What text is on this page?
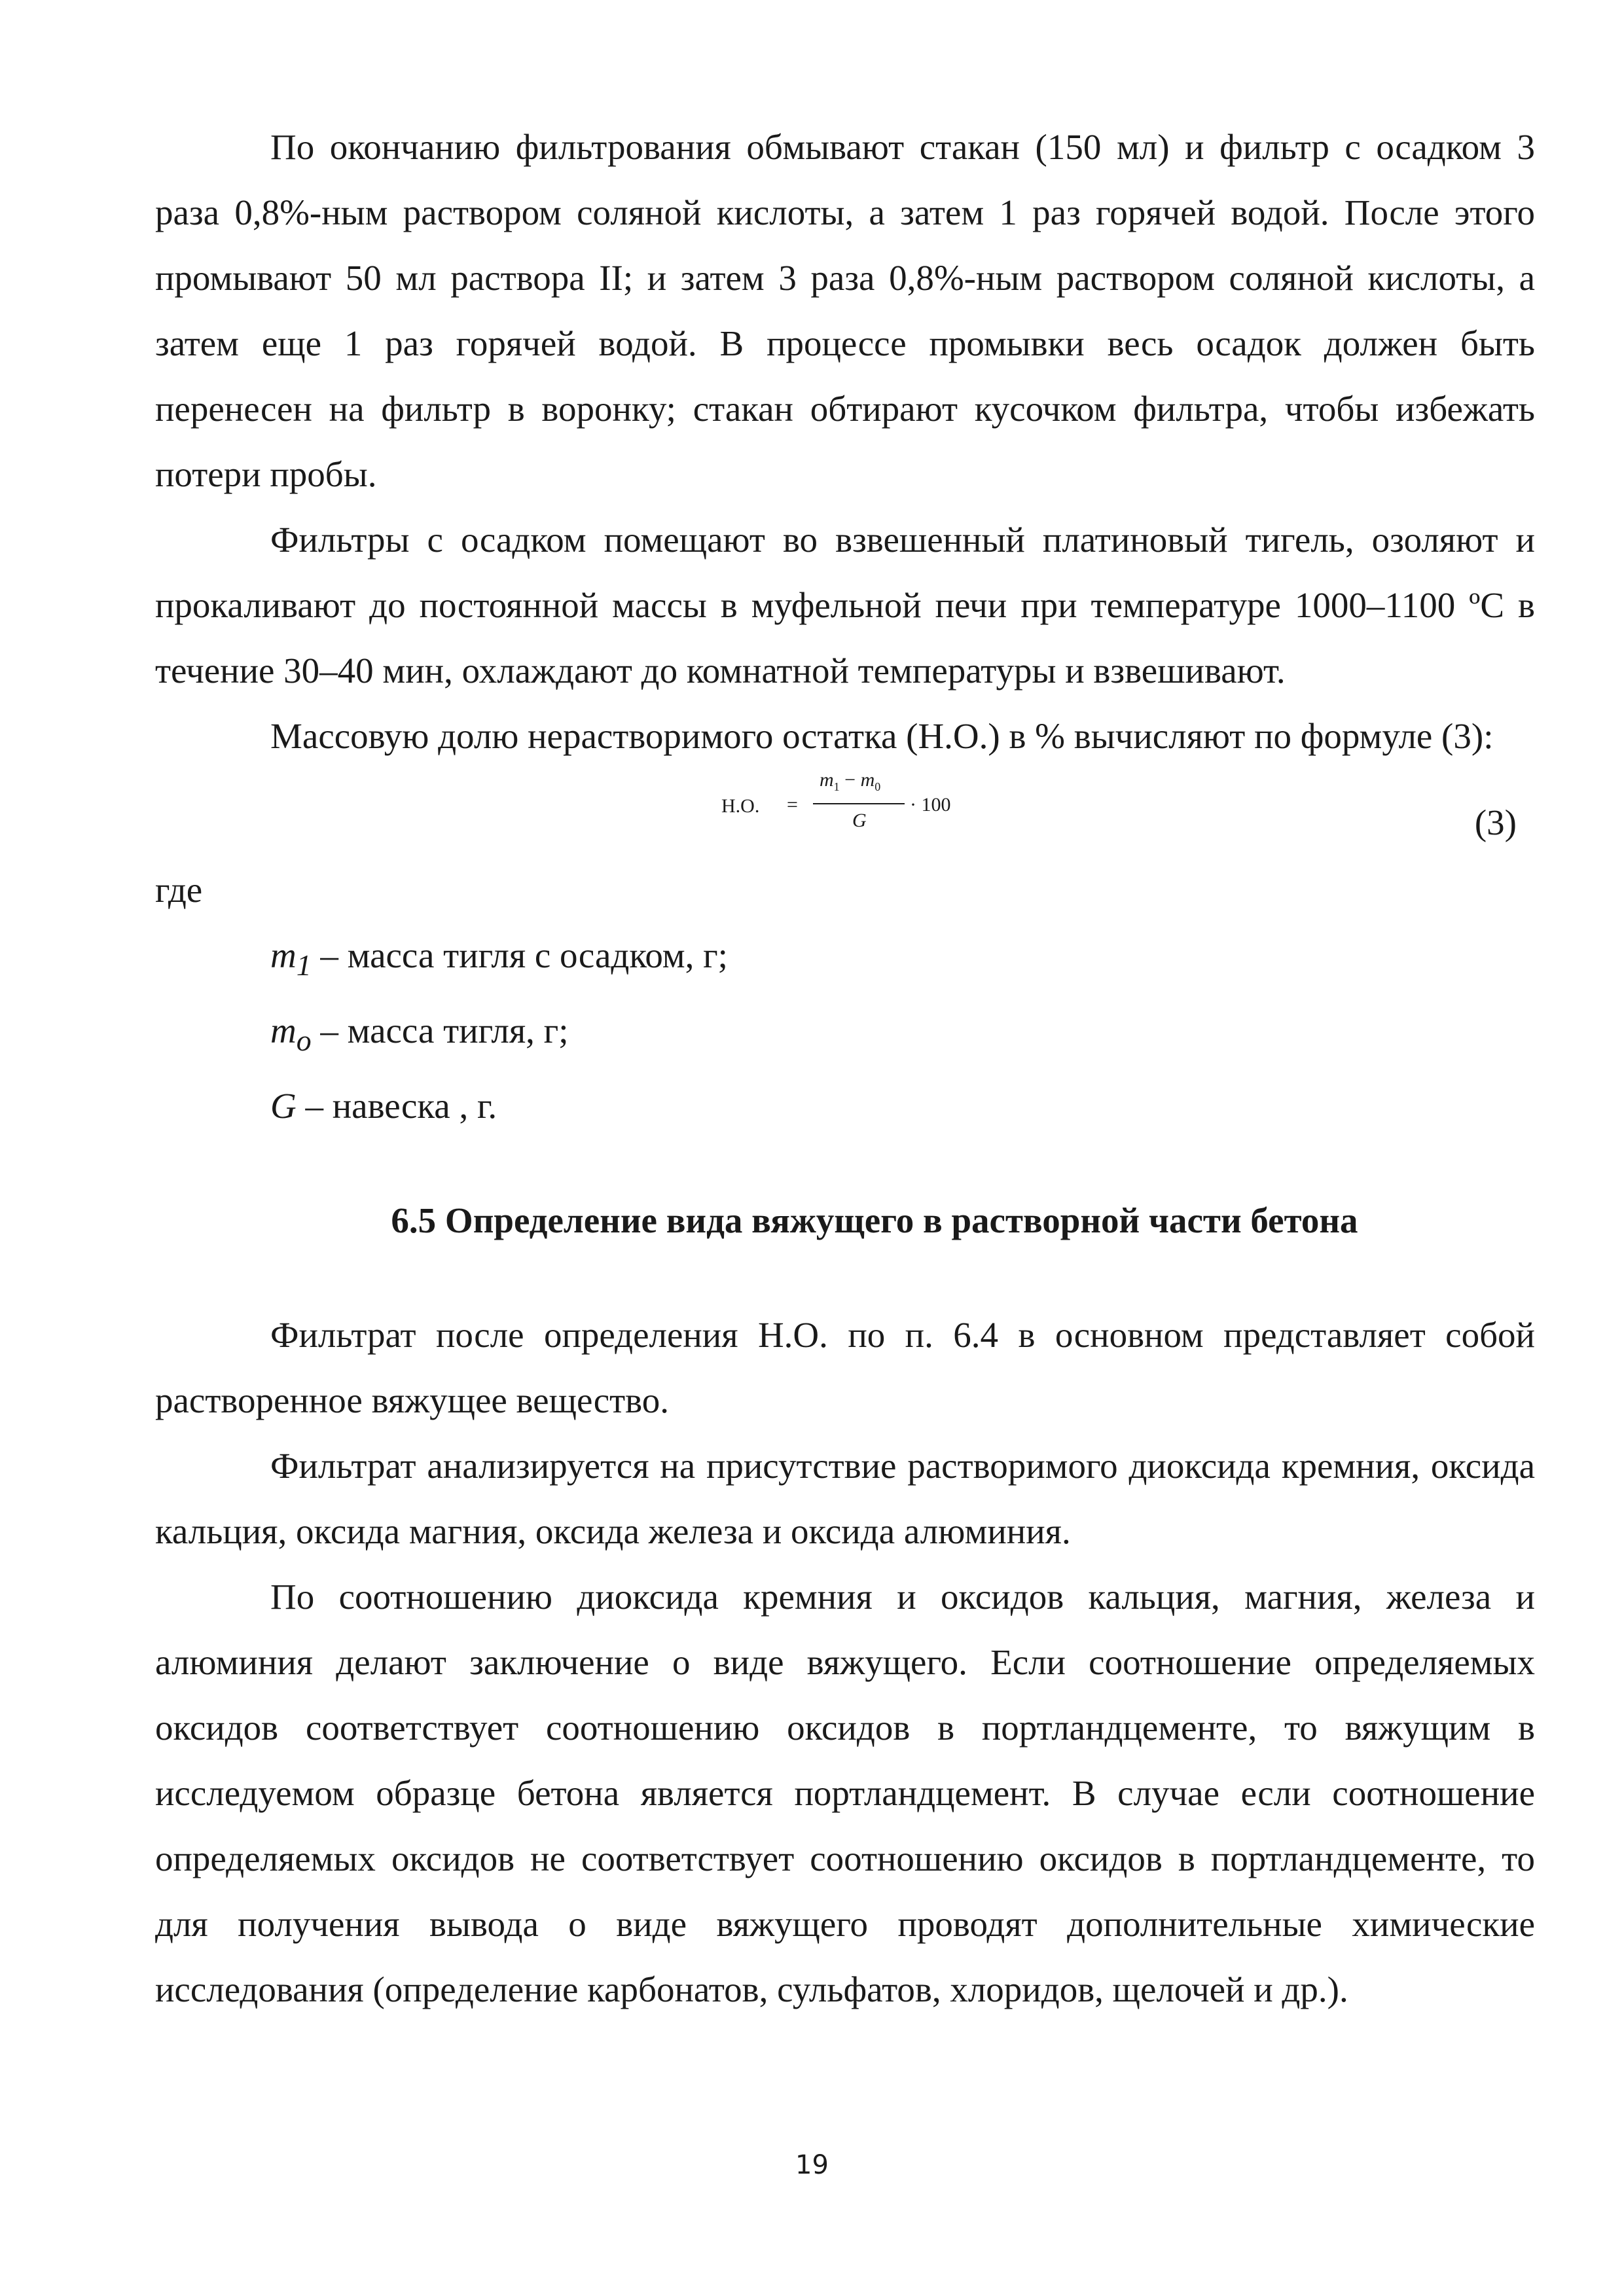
По окончанию фильтрования обмывают стакан (150 мл) и фильтр с осадком 3 раза 0,8%-ным раствором соляной кислоты, а затем 1 раз горячей водой. После этого промывают 50 мл раствора II; и затем 3 раза 0,8%-ным раствором соляной кислоты, а затем еще 1 раз горячей водой. В процессе промывки весь осадок должен быть перенесен на фильтр в воронку; стакан обтирают кусочком фильтра, чтобы избежать потери пробы.

Фильтры с осадком помещают во взвешенный платиновый тигель, озоляют и прокаливают до постоянной массы в муфельной печи при температуре 1000–1100 ºС в течение 30–40 мин, охлаждают до комнатной температуры и взвешивают.

Массовую долю нерастворимого остатка (Н.О.) в % вычисляют по формуле (3):

Н.О. =
$m_1 - m_0$
G
· 100	(3)

где

$m_1$ – масса тигля с осадком, г;

$m_o$ – масса тигля, г;

G – навеска , г.

6.5 Определение вида вяжущего в растворной части бетона

Фильтрат после определения Н.О. по п. 6.4 в основном представляет собой растворенное вяжущее вещество.

Фильтрат анализируется на присутствие растворимого диоксида кремния, оксида кальция, оксида магния, оксида железа и оксида алюминия.

По соотношению диоксида кремния и оксидов кальция, магния, железа и алюминия делают заключение о виде вяжущего. Если соотношение определяемых оксидов соответствует соотношению оксидов в портландцементе, то вяжущим в исследуемом образце бетона является портландцемент. В случае если соотношение определяемых оксидов не соответствует соотношению оксидов в портландцементе, то для получения вывода о виде вяжущего проводят дополнительные химические исследования (определение карбонатов, сульфатов, хлоридов, щелочей и др.).

19
